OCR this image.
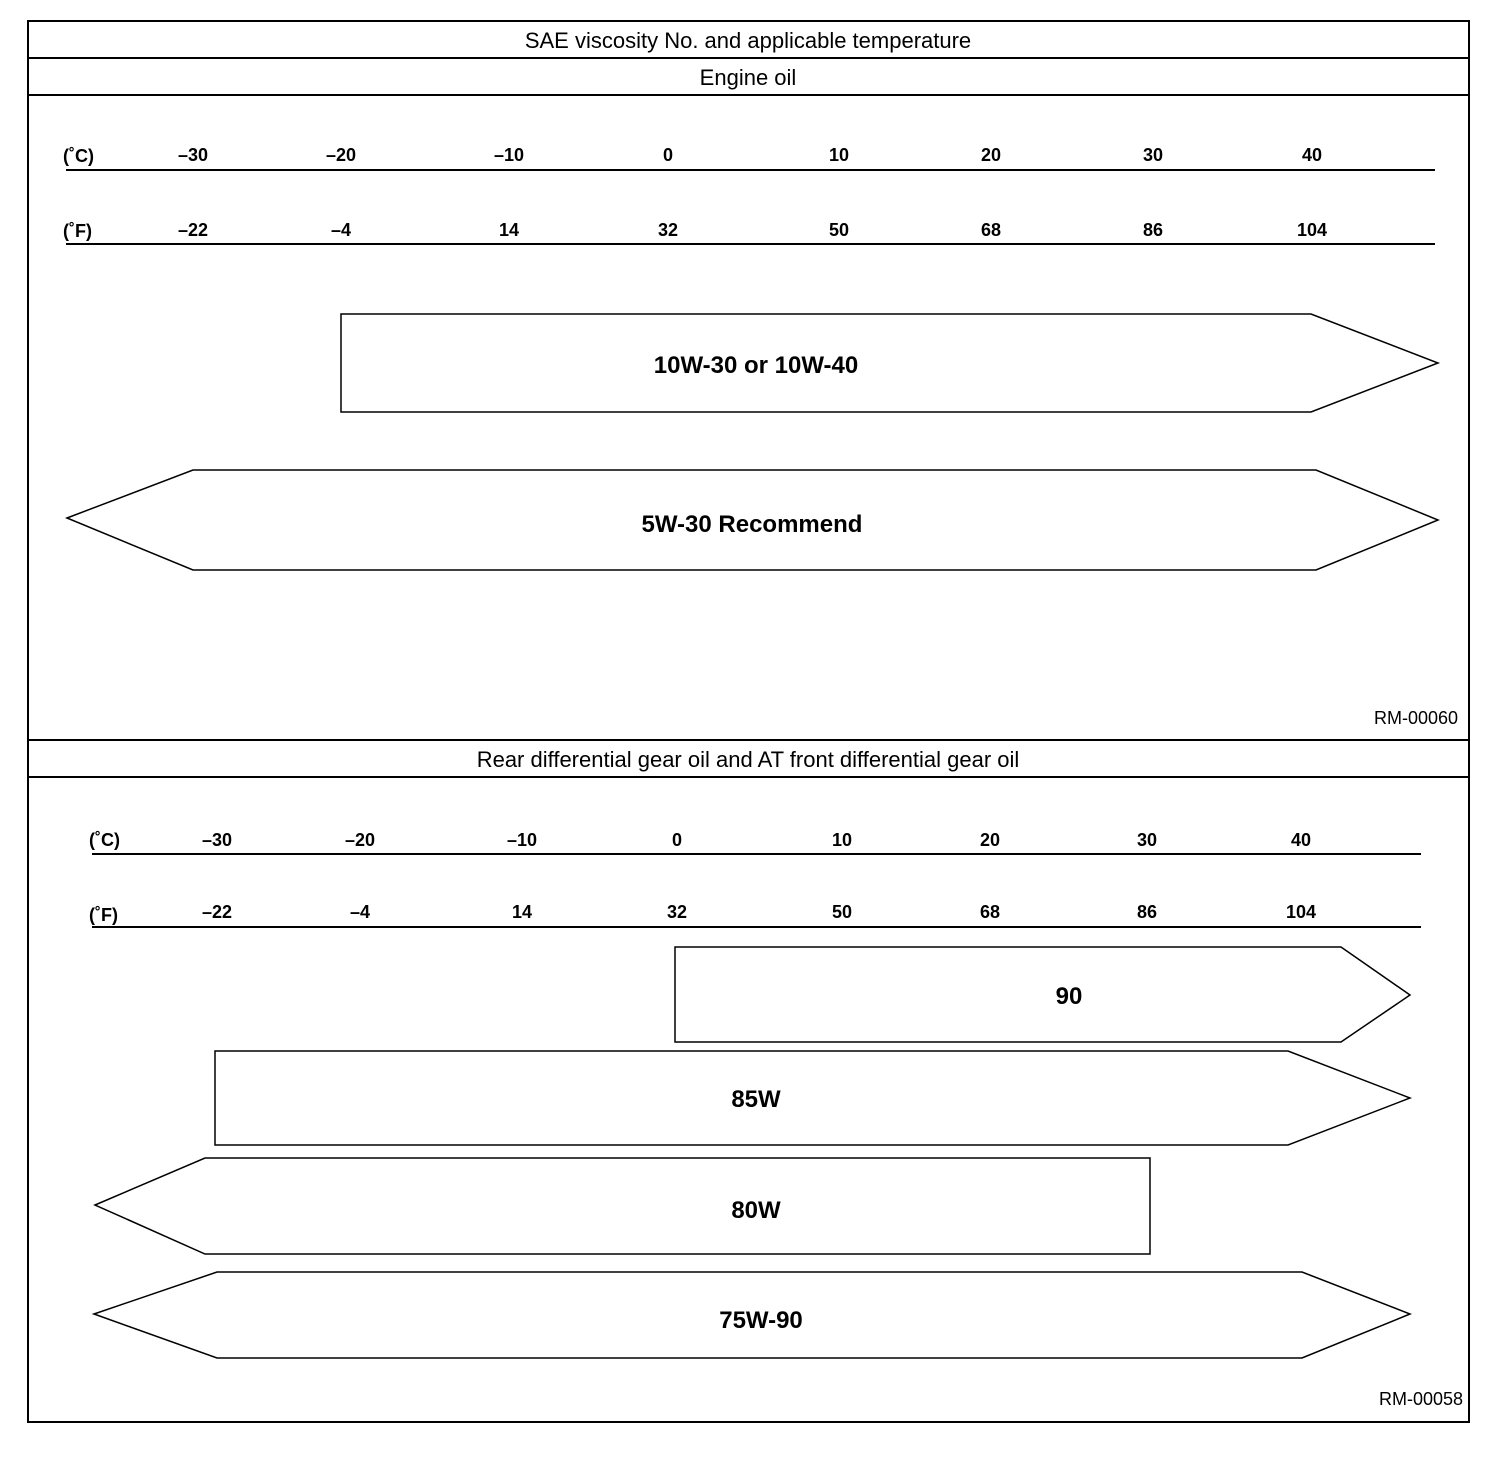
SAE viscosity No. and applicable temperature
Engine oil
Rear differential gear oil and AT front differential gear oil
(˚C)
(˚F)
–30	–20	–10	0	10	20	30	40
–22	–4	14	32	50	68	86	104
10W-30 or 10W-40
5W-30 Recommend
RM-00060
(˚C)
(˚F)
–30	–20	–10	0	10	20	30	40
–22	–4	14	32	50	68	86	104
90
85W
80W
75W-90
RM-00058
